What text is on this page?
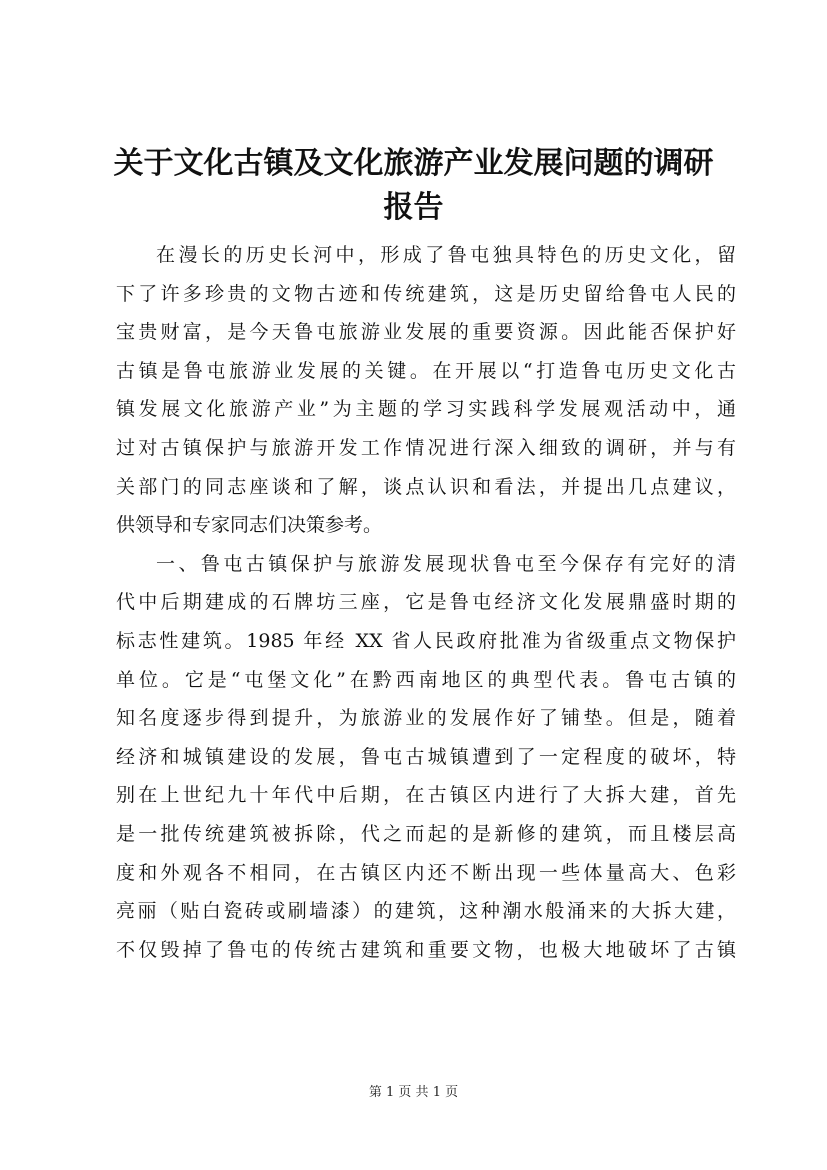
关于文化古镇及文化旅游产业发展问题的调研
报告
在漫长的历史长河中，形成了鲁屯独具特色的历史文化，留
下了许多珍贵的文物古迹和传统建筑，这是历史留给鲁屯人民的
宝贵财富，是今天鲁屯旅游业发展的重要资源。因此能否保护好
古镇是鲁屯旅游业发展的关键。在开展以“打造鲁屯历史文化古
镇发展文化旅游产业”为主题的学习实践科学发展观活动中，通
过对古镇保护与旅游开发工作情况进行深入细致的调研，并与有
关部门的同志座谈和了解，谈点认识和看法，并提出几点建议，
供领导和专家同志们决策参考。
一、鲁屯古镇保护与旅游发展现状鲁屯至今保存有完好的清
代中后期建成的石牌坊三座，它是鲁屯经济文化发展鼎盛时期的
标志性建筑。1985 年经 XX 省人民政府批准为省级重点文物保护
单位。它是“屯堡文化”在黔西南地区的典型代表。鲁屯古镇的
知名度逐步得到提升，为旅游业的发展作好了铺垫。但是，随着
经济和城镇建设的发展，鲁屯古城镇遭到了一定程度的破坏，特
别在上世纪九十年代中后期，在古镇区内进行了大拆大建，首先
是一批传统建筑被拆除，代之而起的是新修的建筑，而且楼层高
度和外观各不相同，在古镇区内还不断出现一些体量高大、色彩
亮丽（贴白瓷砖或刷墙漆）的建筑，这种潮水般涌来的大拆大建，
不仅毁掉了鲁屯的传统古建筑和重要文物，也极大地破坏了古镇
第 1 页 共 1 页
